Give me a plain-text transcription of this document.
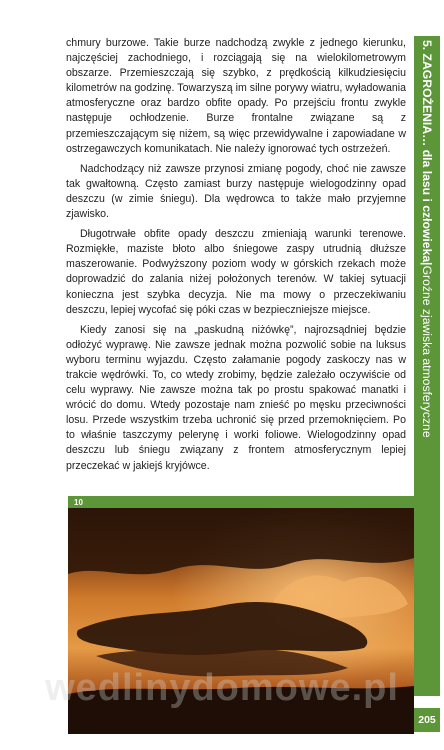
chmury burzowe. Takie burze nadchodzą zwykle z jednego kierunku, najczęściej zachodniego, i rozciągają się na wielokilometrowym obszarze. Przemieszczają się szybko, z prędkością kilkudziesięciu kilometrów na godzinę. Towarzyszą im silne porywy wiatru, wyładowania atmosferyczne oraz bardzo obfite opady. Po przejściu frontu zwykle następuje ochłodzenie. Burze frontalne związane są z przemieszczającym się niżem, są więc przewidywalne i zapowiadane w ostrzegawczych komunikatach. Nie należy ignorować tych ostrzeżeń.

Nadchodzący niż zawsze przynosi zmianę pogody, choć nie zawsze tak gwałtowną. Często zamiast burzy następuje wielogodzinny opad deszczu (w zimie śniegu). Dla wędrowca to także mało przyjemne zjawisko.

Długotrwałe obfite opady deszczu zmieniają warunki terenowe. Rozmiękłe, maziste błoto albo śniegowe zaspy utrudnią dłuższe maszerowanie. Podwyższony poziom wody w górskich rzekach może doprowadzić do zalania niżej położonych terenów. W takiej sytuacji konieczna jest szybka decyzja. Nie ma mowy o przeczekiwaniu deszczu, lepiej wycofać się póki czas w bezpieczniejsze miejsce.

Kiedy zanosi się na „paskudną niżówkę”, najrozsądniej będzie odłożyć wyprawę. Nie zawsze jednak można pozwolić sobie na luksus wyboru terminu wyjazdu. Często załamanie pogody zaskoczy nas w trakcie wędrówki. To, co wtedy zrobimy, będzie zależało oczywiście od celu wyprawy. Nie zawsze można tak po prostu spakować manatki i wrócić do domu. Wtedy pozostaje nam znieść po męsku przeciwności losu. Przede wszystkim trzeba uchronić się przed przemoknięciem. Po to właśnie taszczymy pelerynę i worki foliowe. Wielogodzinny opad deszczu lub śniegu związany z frontem atmosferycznym lepiej przeczekać w jakiejś kryjówce.

5. ZAGROŻENIA… dla lasu i człowieka|Groźne zjawiska atmosferyczne
10
205
wedlinydomowe.pl
